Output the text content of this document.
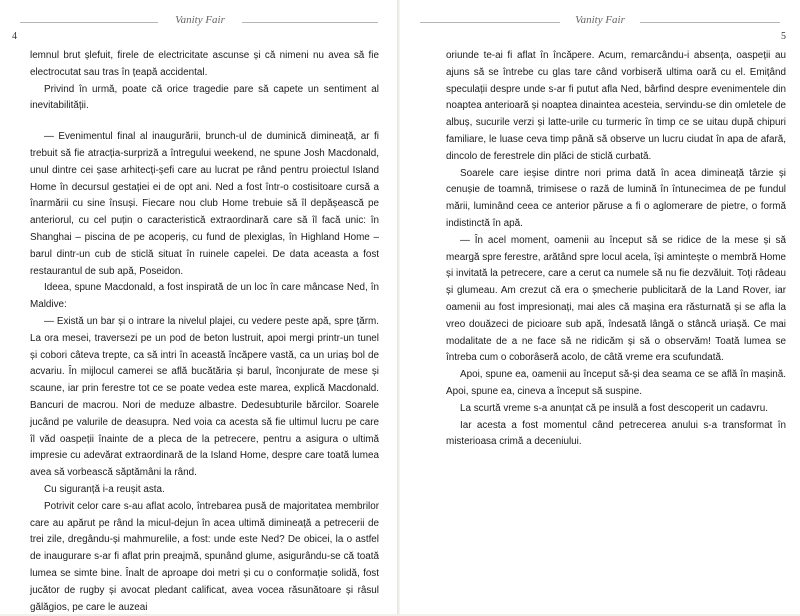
Vanity Fair
4

lemnul brut șlefuit, firele de electricitate ascunse și că nimeni nu avea să fie electrocutat sau tras în țeapă accidental.

Privind în urmă, poate că orice tragedie pare să capete un sentiment al inevitabilității.

— Evenimentul final al inaugurării, brunch-ul de duminică dimineață, ar fi trebuit să fie atracția-surpriză a întregului weekend, ne spune Josh Macdonald, unul dintre cei șase arhitecți-șefi care au lucrat pe rând pentru proiectul Island Home în decursul gestației ei de opt ani. Ned a fost într-o costisitoare cursă a înarmării cu sine însuși. Fiecare nou club Home trebuie să îl depășească pe anteriorul, cu cel puțin o caracteristică extraordinară care să îl facă unic: în Shanghai – piscina de pe acoperiș, cu fund de plexiglas, în Highland Home – barul dintr-un cub de sticlă situat în ruinele capelei. De data aceasta a fost restaurantul de sub apă, Poseidon.

Ideea, spune Macdonald, a fost inspirată de un loc în care mâncase Ned, în Maldive:

— Există un bar și o intrare la nivelul plajei, cu vedere peste apă, spre țărm. La ora mesei, traversezi pe un pod de beton lustruit, apoi mergi printr-un tunel și cobori câteva trepte, ca să intri în această încăpere vastă, ca un uriaș bol de acvariu. În mijlocul camerei se află bucătăria și barul, înconjurate de mese și scaune, iar prin ferestre tot ce se poate vedea este marea, explică Macdonald. Bancuri de macrou. Nori de meduze albastre. Dedesubturile bărcilor. Soarele jucând pe valurile de deasupra. Ned voia ca acesta să fie ultimul lucru pe care îl văd oaspeții înainte de a pleca de la petrecere, pentru a asigura o ultimă impresie cu adevărat extraordinară de la Island Home, despre care toată lumea avea să vorbească săptămâni la rând.

Cu siguranță i-a reușit asta.

Potrivit celor care s-au aflat acolo, întrebarea pusă de majoritatea membrilor care au apărut pe rând la micul-dejun în acea ultimă dimineață a petrecerii de trei zile, dregându-și mahmurelile, a fost: unde este Ned? De obicei, la o astfel de inaugurare s-ar fi aflat prin preajmă, spunând glume, asigurându-se că toată lumea se simte bine. Înalt de aproape doi metri și cu o conformație solidă, fost jucător de rugby și avocat pledant calificat, avea vocea răsunătoare și râsul gălăgios, pe care le auzeai

Vanity Fair
5

oriunde te-ai fi aflat în încăpere. Acum, remarcându-i absența, oaspeții au ajuns să se întrebe cu glas tare când vorbiseră ultima oară cu el. Emițând speculații despre unde s-ar fi putut afla Ned, bârfind despre evenimentele din noaptea anterioară și noaptea dinaintea acesteia, servindu-se din omletele de albuș, sucurile verzi și latte-urile cu turmeric în timp ce se uitau după chipuri familiare, le luase ceva timp până să observe un lucru ciudat în apa de afară, dincolo de ferestrele din plăci de sticlă curbată.

Soarele care ieșise dintre nori prima dată în acea dimineață târzie și cenușie de toamnă, trimisese o rază de lumină în întunecimea de pe fundul mării, luminând ceea ce anterior păruse a fi o aglomerare de pietre, o formă indistinctă în apă.

— În acel moment, oamenii au început să se ridice de la mese și să meargă spre ferestre, arătând spre locul acela, își amintește o membră Home și invitată la petrecere, care a cerut ca numele să nu fie dezvăluit. Toți râdeau și glumeau. Am crezut că era o șmecherie publicitară de la Land Rover, iar oamenii au fost impresionați, mai ales că mașina era răsturnată și se afla la vreo douăzeci de picioare sub apă, îndesată lângă o stâncă uriașă. Ce mai modalitate de a ne face să ne ridicăm și să o observăm! Toată lumea se întreba cum o coborâseră acolo, de câtă vreme era scufundată.

Apoi, spune ea, oamenii au început să-și dea seama ce se află în mașină. Apoi, spune ea, cineva a început să suspine.

La scurtă vreme s-a anunțat că pe insulă a fost descoperit un cadavru.

Iar acesta a fost momentul când petrecerea anului s-a transformat în misterioasa crimă a deceniului.
